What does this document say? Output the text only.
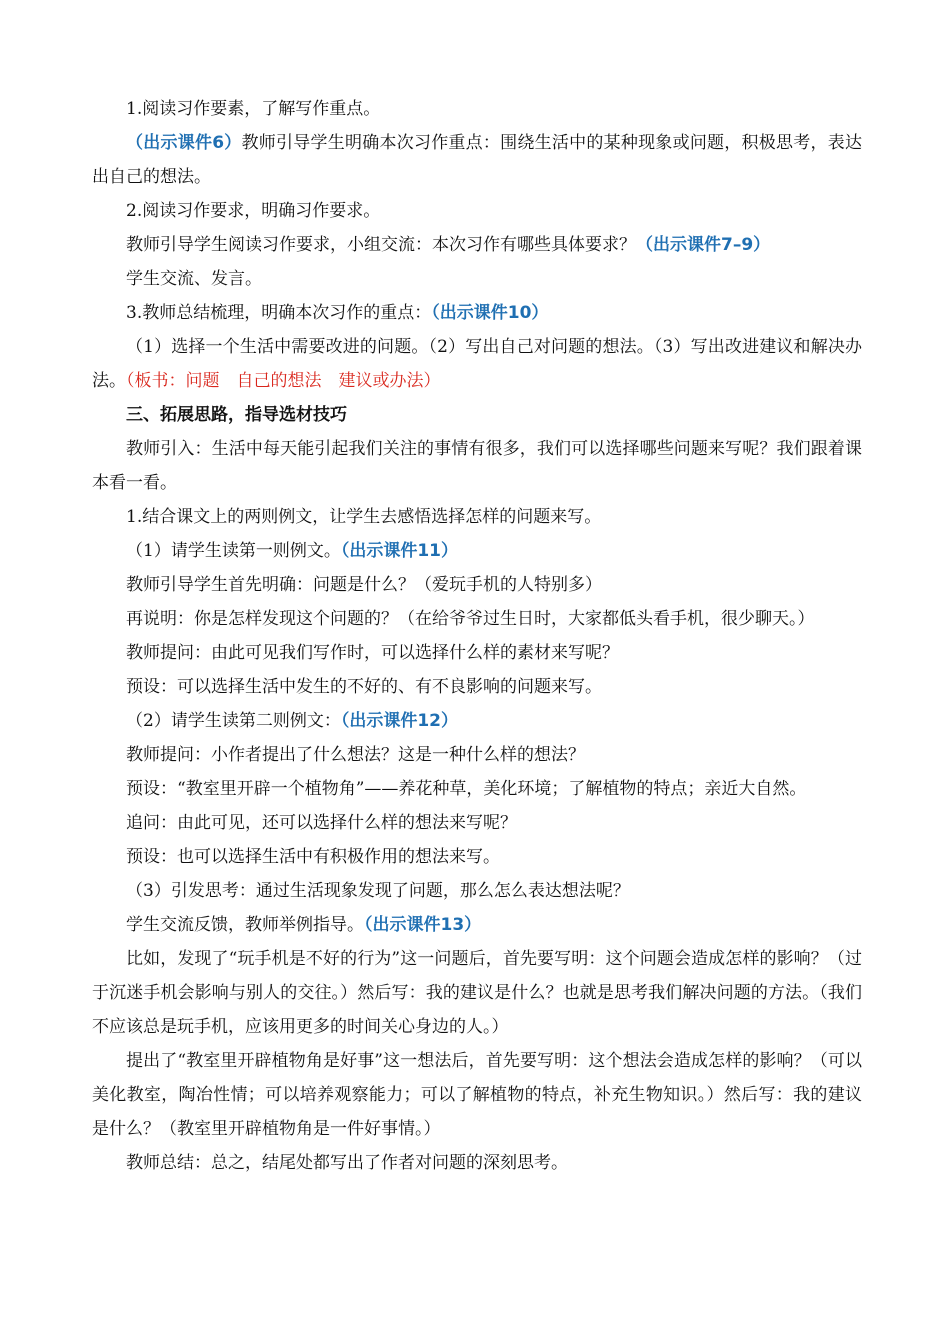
1.阅读习作要素，了解写作重点。

（出示课件6）教师引导学生明确本次习作重点：围绕生活中的某种现象或问题，积极思考，表达出自己的想法。

2.阅读习作要求，明确习作要求。

教师引导学生阅读习作要求，小组交流：本次习作有哪些具体要求？（出示课件7–9）

学生交流、发言。

3.教师总结梳理，明确本次习作的重点：（出示课件10）

（1）选择一个生活中需要改进的问题。（2）写出自己对问题的想法。（3）写出改进建议和解决办法。（板书：问题　自己的想法　建议或办法）

三、拓展思路，指导选材技巧

教师引入：生活中每天能引起我们关注的事情有很多，我们可以选择哪些问题来写呢？我们跟着课本看一看。

1.结合课文上的两则例文，让学生去感悟选择怎样的问题来写。

（1）请学生读第一则例文。（出示课件11）

教师引导学生首先明确：问题是什么？（爱玩手机的人特别多）

再说明：你是怎样发现这个问题的？（在给爷爷过生日时，大家都低头看手机，很少聊天。）

教师提问：由此可见我们写作时，可以选择什么样的素材来写呢？

预设：可以选择生活中发生的不好的、有不良影响的问题来写。

（2）请学生读第二则例文：（出示课件12）

教师提问：小作者提出了什么想法？这是一种什么样的想法？

预设：“教室里开辟一个植物角”——养花种草，美化环境；了解植物的特点；亲近大自然。

追问：由此可见，还可以选择什么样的想法来写呢？

预设：也可以选择生活中有积极作用的想法来写。

（3）引发思考：通过生活现象发现了问题，那么怎么表达想法呢？

学生交流反馈，教师举例指导。（出示课件13）

比如，发现了“玩手机是不好的行为”这一问题后，首先要写明：这个问题会造成怎样的影响？（过于沉迷手机会影响与别人的交往。）然后写：我的建议是什么？也就是思考我们解决问题的方法。（我们不应该总是玩手机，应该用更多的时间关心身边的人。）

提出了“教室里开辟植物角是好事”这一想法后，首先要写明：这个想法会造成怎样的影响？（可以美化教室，陶冶性情；可以培养观察能力；可以了解植物的特点，补充生物知识。）然后写：我的建议是什么？（教室里开辟植物角是一件好事情。）

教师总结：总之，结尾处都写出了作者对问题的深刻思考。
